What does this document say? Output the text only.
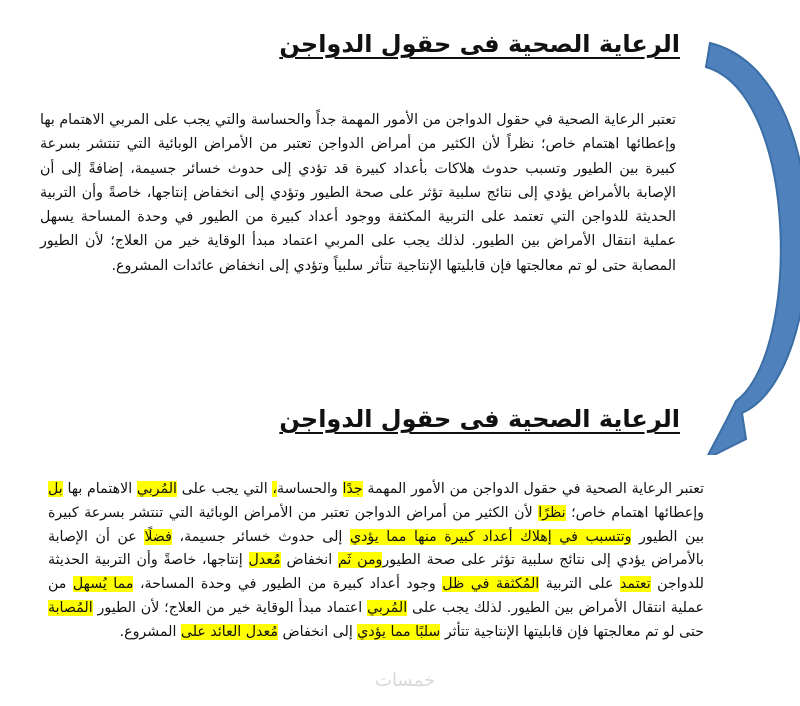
الرعاية الصحية فى حقول الدواجن

تعتبر الرعاية الصحية في حقول الدواجن من الأمور المهمة جداً والحساسة والتي يجب على المربي الاهتمام بها وإعطائها اهتمام خاص؛ نظراً لأن الكثير من أمراض الدواجن تعتبر من الأمراض الوبائية التي تنتشر بسرعة كبيرة بين الطيور وتسبب حدوث هلاكات بأعداد كبيرة قد تؤدي إلى حدوث خسائر جسيمة، إضافةً إلى أن الإصابة بالأمراض يؤدي إلى نتائج سلبية تؤثر على صحة الطيور وتؤدي إلى انخفاض إنتاجها، خاصةً وأن التربية الحديثة للدواجن التي تعتمد على التربية المكثفة ووجود أعداد كبيرة من الطيور في وحدة المساحة يسهل عملية انتقال الأمراض بين الطيور. لذلك يجب على المربي اعتماد مبدأ الوقاية خير من العلاج؛ لأن الطيور المصابة حتى لو تم معالجتها فإن قابليتها الإنتاجية تتأثر سلبياً وتؤدي إلى انخفاض عائدات المشروع.

الرعاية الصحية فى حقول الدواجن

تعتبر الرعاية الصحية في حقول الدواجن من الأمور المهمة جدًا والحساسة، التي يجب على المُربي الاهتمام بها بل وإعطائها اهتمام خاص؛ نظرًا لأن الكثير من أمراض الدواجن تعتبر من الأمراض الوبائية التي تنتشر بسرعة كبيرة بين الطيور وتتسبب في إهلاك أعداد كبيرة منها مما يؤدي إلى حدوث خسائر جسيمة، فضلًا عن أن الإصابة بالأمراض يؤدي إلى نتائج سلبية تؤثر على صحة الطيورومن ثَم انخفاض مُعدل إنتاجها، خاصةً وأن التربية الحديثة للدواجن تعتمد على التربية المُكثفة في ظل وجود أعداد كبيرة من الطيور في وحدة المساحة، مما يُسهل من عملية انتقال الأمراض بين الطيور. لذلك يجب على المُربي اعتماد مبدأ الوقاية خير من العلاج؛ لأن الطيور المُصابة حتى لو تم معالجتها فإن قابليتها الإنتاجية تتأثر سلبًا مما يؤدي إلى انخفاض مُعدل العائد على المشروع.

خمسات
